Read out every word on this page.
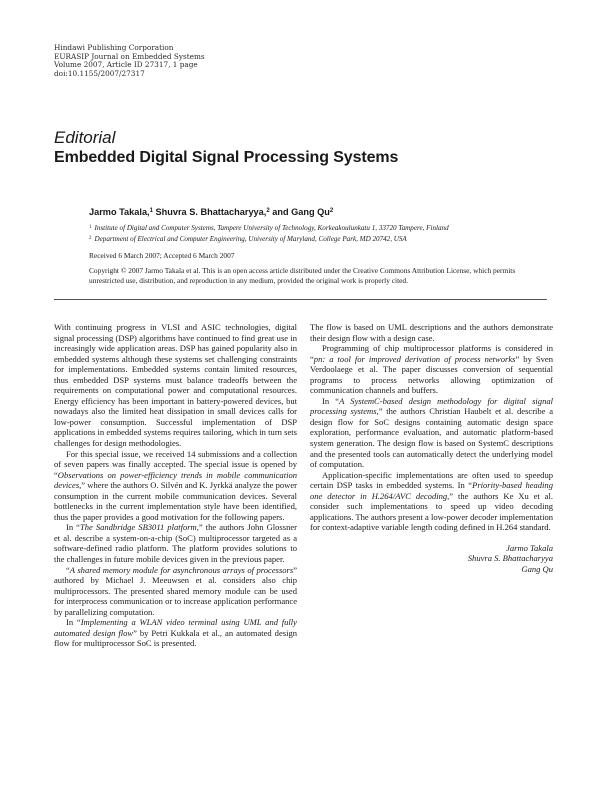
Hindawi Publishing Corporation
EURASIP Journal on Embedded Systems
Volume 2007, Article ID 27317, 1 page
doi:10.1155/2007/27317
Editorial
Embedded Digital Signal Processing Systems
Jarmo Takala,$^1$ Shuvra S. Bhattacharyya,$^2$ and Gang Qu$^2$
$^1$ Institute of Digital and Computer Systems, Tampere University of Technology, Korkeakoulunkatu 1, 33720 Tampere, Finland
$^2$ Department of Electrical and Computer Engineering, University of Maryland, College Park, MD 20742, USA
Received 6 March 2007; Accepted 6 March 2007
Copyright © 2007 Jarmo Takala et al. This is an open access article distributed under the Creative Commons Attribution License, which permits unrestricted use, distribution, and reproduction in any medium, provided the original work is properly cited.

With continuing progress in VLSI and ASIC technologies, digital signal processing (DSP) algorithms have continued to find great use in increasingly wide application areas. DSP has gained popularity also in embedded systems although these systems set challenging constraints for implementations. Embedded systems contain limited resources, thus embedded DSP systems must balance tradeoffs between the requirements on computational power and computational resources. Energy efficiency has been important in battery-powered devices, but nowadays also the limited heat dissipation in small devices calls for low-power consumption. Successful implementation of DSP applications in embedded systems requires tailoring, which in turn sets challenges for design methodologies.

For this special issue, we received 14 submissions and a collection of seven papers was finally accepted. The special issue is opened by “Observations on power-efficiency trends in mobile communication devices,” where the authors O. Silvén and K. Jyrkkä analyze the power consumption in the current mobile communication devices. Several bottlenecks in the current implementation style have been identified, thus the paper provides a good motivation for the following papers.

In “The Sandbridge SB3011 platform,” the authors John Glossner et al. describe a system-on-a-chip (SoC) multiprocessor targeted as a software-defined radio platform. The platform provides solutions to the challenges in future mobile devices given in the previous paper.

“A shared memory module for asynchronous arrays of processors” authored by Michael J. Meeuwsen et al. considers also chip multiprocessors. The presented shared memory module can be used for interprocess communication or to increase application performance by parallelizing computation.

In “Implementing a WLAN video terminal using UML and fully automated design flow” by Petri Kukkala et al., an automated design flow for multiprocessor SoC is presented.

The flow is based on UML descriptions and the authors demonstrate their design flow with a design case.

Programming of chip multiprocessor platforms is considered in “pn: a tool for improved derivation of process networks” by Sven Verdoolaege et al. The paper discusses conversion of sequential programs to process networks allowing optimization of communication channels and buffers.

In “A SystemC-based design methodology for digital signal processing systems,” the authors Christian Haubelt et al. describe a design flow for SoC designs containing automatic design space exploration, performance evaluation, and automatic platform-based system generation. The design flow is based on SystemC descriptions and the presented tools can automatically detect the underlying model of computation.

Application-specific implementations are often used to speedup certain DSP tasks in embedded systems. In “Priority-based heading one detector in H.264/AVC decoding,” the authors Ke Xu et al. consider such implementations to speed up video decoding applications. The authors present a low-power decoder implementation for context-adaptive variable length coding defined in H.264 standard.

Jarmo Takala
Shuvra S. Bhattacharyya
Gang Qu
